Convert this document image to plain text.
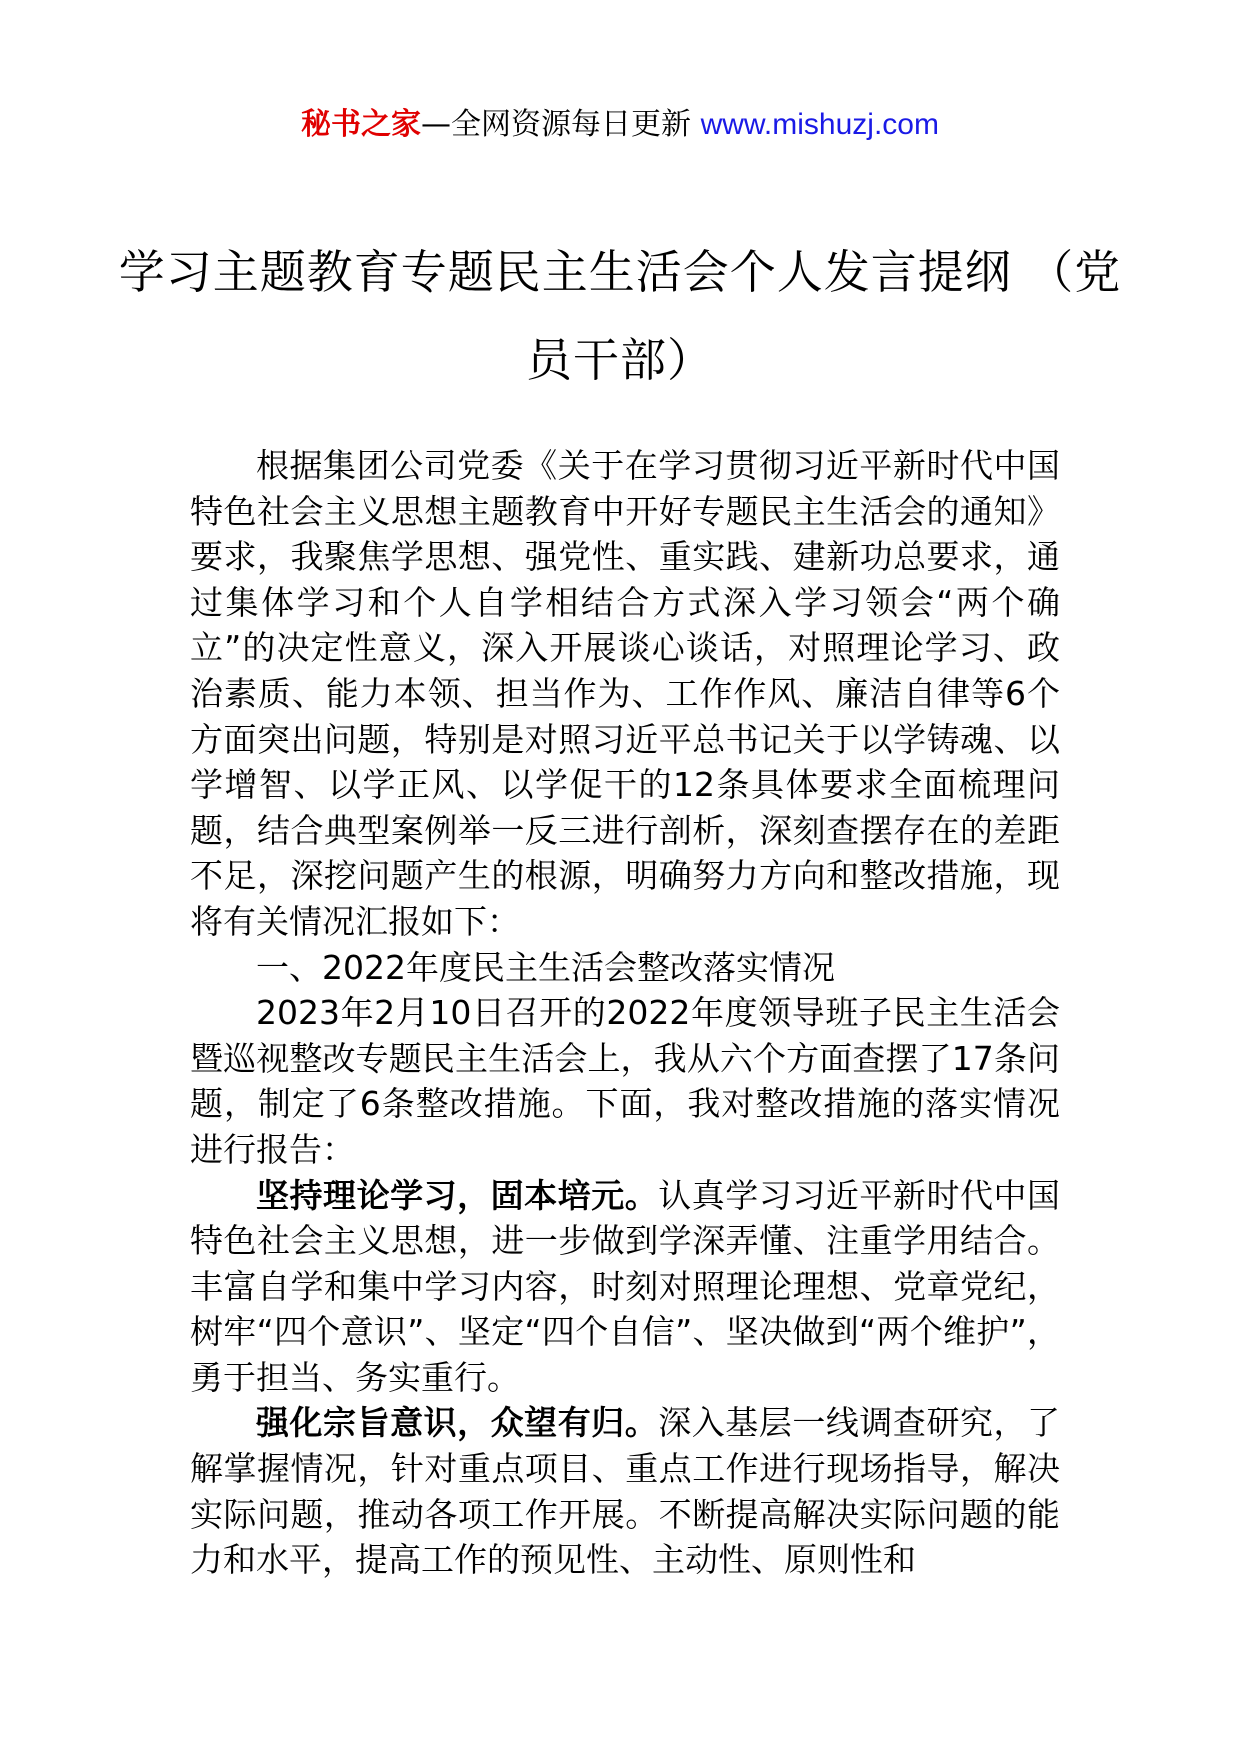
秘书之家—全网资源每日更新 www.mishuzj.com
学习主题教育专题民主生活会个人发言提纲 （党员干部）

根据集团公司党委《关于在学习贯彻习近平新时代中国特色社会主义思想主题教育中开好专题民主生活会的通知》要求，我聚焦学思想、强党性、重实践、建新功总要求，通过集体学习和个人自学相结合方式深入学习领会“两个确立”的决定性意义，深入开展谈心谈话，对照理论学习、政治素质、能力本领、担当作为、工作作风、廉洁自律等6个方面突出问题，特别是对照习近平总书记关于以学铸魂、以学增智、以学正风、以学促干的12条具体要求全面梳理问题，结合典型案例举一反三进行剖析，深刻查摆存在的差距不足，深挖问题产生的根源，明确努力方向和整改措施，现将有关情况汇报如下：

一、2022年度民主生活会整改落实情况

2023年2月10日召开的2022年度领导班子民主生活会暨巡视整改专题民主生活会上，我从六个方面查摆了17条问题，制定了6条整改措施。下面，我对整改措施的落实情况进行报告：

坚持理论学习，固本培元。认真学习习近平新时代中国特色社会主义思想，进一步做到学深弄懂、注重学用结合。丰富自学和集中学习内容，时刻对照理论理想、党章党纪，树牢“四个意识”、坚定“四个自信”、坚决做到“两个维护”，勇于担当、务实重行。

强化宗旨意识，众望有归。深入基层一线调查研究，了解掌握情况，针对重点项目、重点工作进行现场指导，解决实际问题，推动各项工作开展。不断提高解决实际问题的能力和水平，提高工作的预见性、主动性、原则性和
